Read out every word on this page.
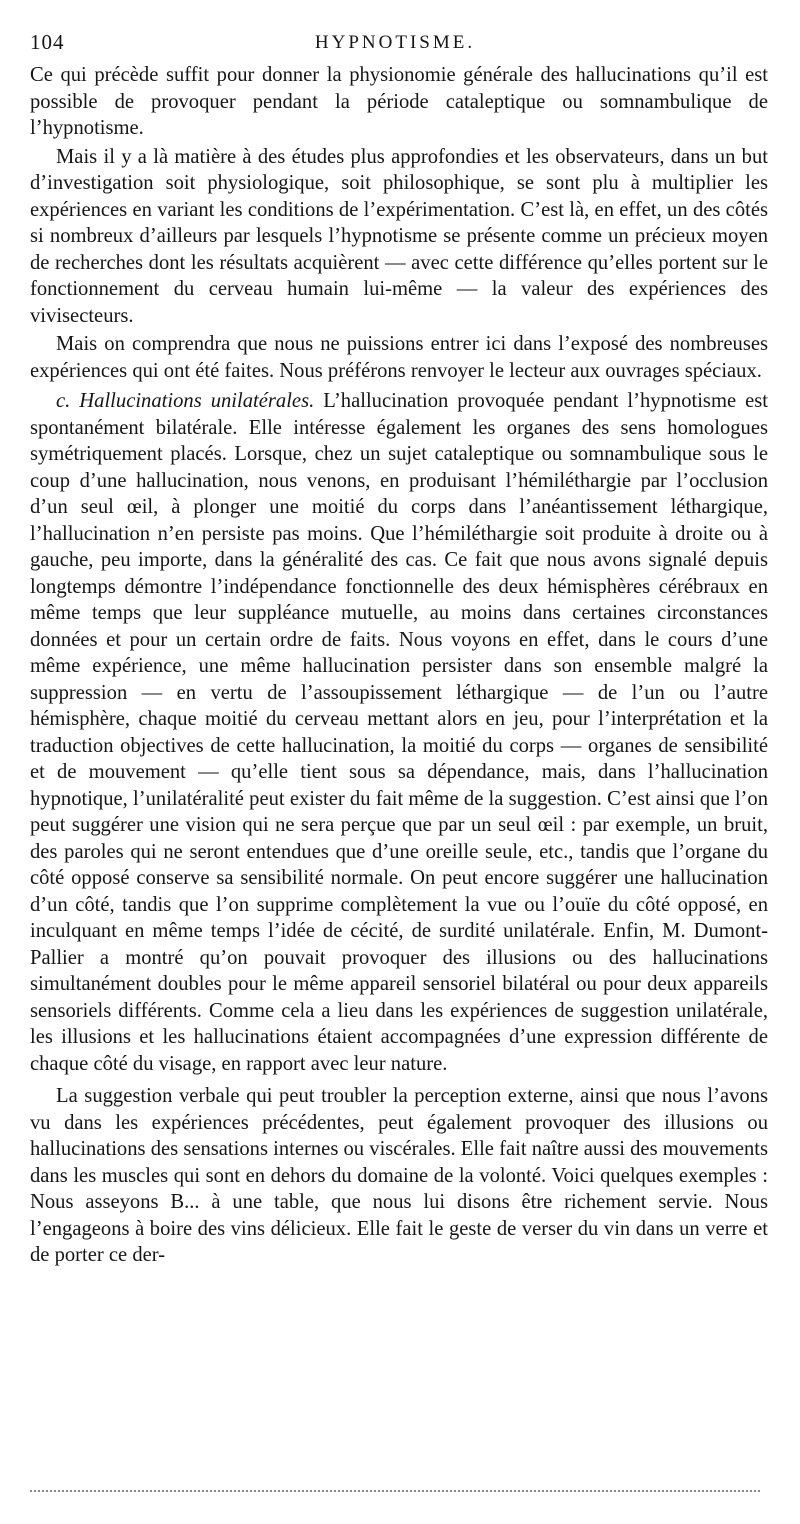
104	HYPNOTISME.

Ce qui précède suffit pour donner la physionomie générale des hallucinations qu’il est possible de provoquer pendant la période cataleptique ou somnambulique de l’hypnotisme.

Mais il y a là matière à des études plus approfondies et les observateurs, dans un but d’investigation soit physiologique, soit philosophique, se sont plu à multiplier les expériences en variant les conditions de l’expérimentation. C’est là, en effet, un des côtés si nombreux d’ailleurs par lesquels l’hypnotisme se présente comme un précieux moyen de recherches dont les résultats acquièrent — avec cette différence qu’elles portent sur le fonctionnement du cerveau humain lui-même — la valeur des expériences des vivisecteurs.

Mais on comprendra que nous ne puissions entrer ici dans l’exposé des nombreuses expériences qui ont été faites. Nous préférons renvoyer le lecteur aux ouvrages spéciaux.

c. Hallucinations unilatérales. L’hallucination provoquée pendant l’hypnotisme est spontanément bilatérale. Elle intéresse également les organes des sens homologues symétriquement placés. Lorsque, chez un sujet cataleptique ou somnambulique sous le coup d’une hallucination, nous venons, en produisant l’hémiléthargie par l’occlusion d’un seul œil, à plonger une moitié du corps dans l’anéantissement léthargique, l’hallucination n’en persiste pas moins. Que l’hémiléthargie soit produite à droite ou à gauche, peu importe, dans la généralité des cas. Ce fait que nous avons signalé depuis longtemps démontre l’indépendance fonctionnelle des deux hémisphères cérébraux en même temps que leur suppléance mutuelle, au moins dans certaines circonstances données et pour un certain ordre de faits. Nous voyons en effet, dans le cours d’une même expérience, une même hallucination persister dans son ensemble malgré la suppression — en vertu de l’assoupissement léthargique — de l’un ou l’autre hémisphère, chaque moitié du cerveau mettant alors en jeu, pour l’interprétation et la traduction objectives de cette hallucination, la moitié du corps — organes de sensibilité et de mouvement — qu’elle tient sous sa dépendance, mais, dans l’hallucination hypnotique, l’unilatéralité peut exister du fait même de la suggestion. C’est ainsi que l’on peut suggérer une vision qui ne sera perçue que par un seul œil : par exemple, un bruit, des paroles qui ne seront entendues que d’une oreille seule, etc., tandis que l’organe du côté opposé conserve sa sensibilité normale. On peut encore suggérer une hallucination d’un côté, tandis que l’on supprime complètement la vue ou l’ouïe du côté opposé, en inculquant en même temps l’idée de cécité, de surdité unilatérale. Enfin, M. Dumont-Pallier a montré qu’on pouvait provoquer des illusions ou des hallucinations simultanément doubles pour le même appareil sensoriel bilatéral ou pour deux appareils sensoriels différents. Comme cela a lieu dans les expériences de suggestion unilatérale, les illusions et les hallucinations étaient accompagnées d’une expression différente de chaque côté du visage, en rapport avec leur nature.

La suggestion verbale qui peut troubler la perception externe, ainsi que nous l’avons vu dans les expériences précédentes, peut également provoquer des illusions ou hallucinations des sensations internes ou viscérales. Elle fait naître aussi des mouvements dans les muscles qui sont en dehors du domaine de la volonté. Voici quelques exemples : Nous asseyons B... à une table, que nous lui disons être richement servie. Nous l’engageons à boire des vins délicieux. Elle fait le geste de verser du vin dans un verre et de porter ce der-
